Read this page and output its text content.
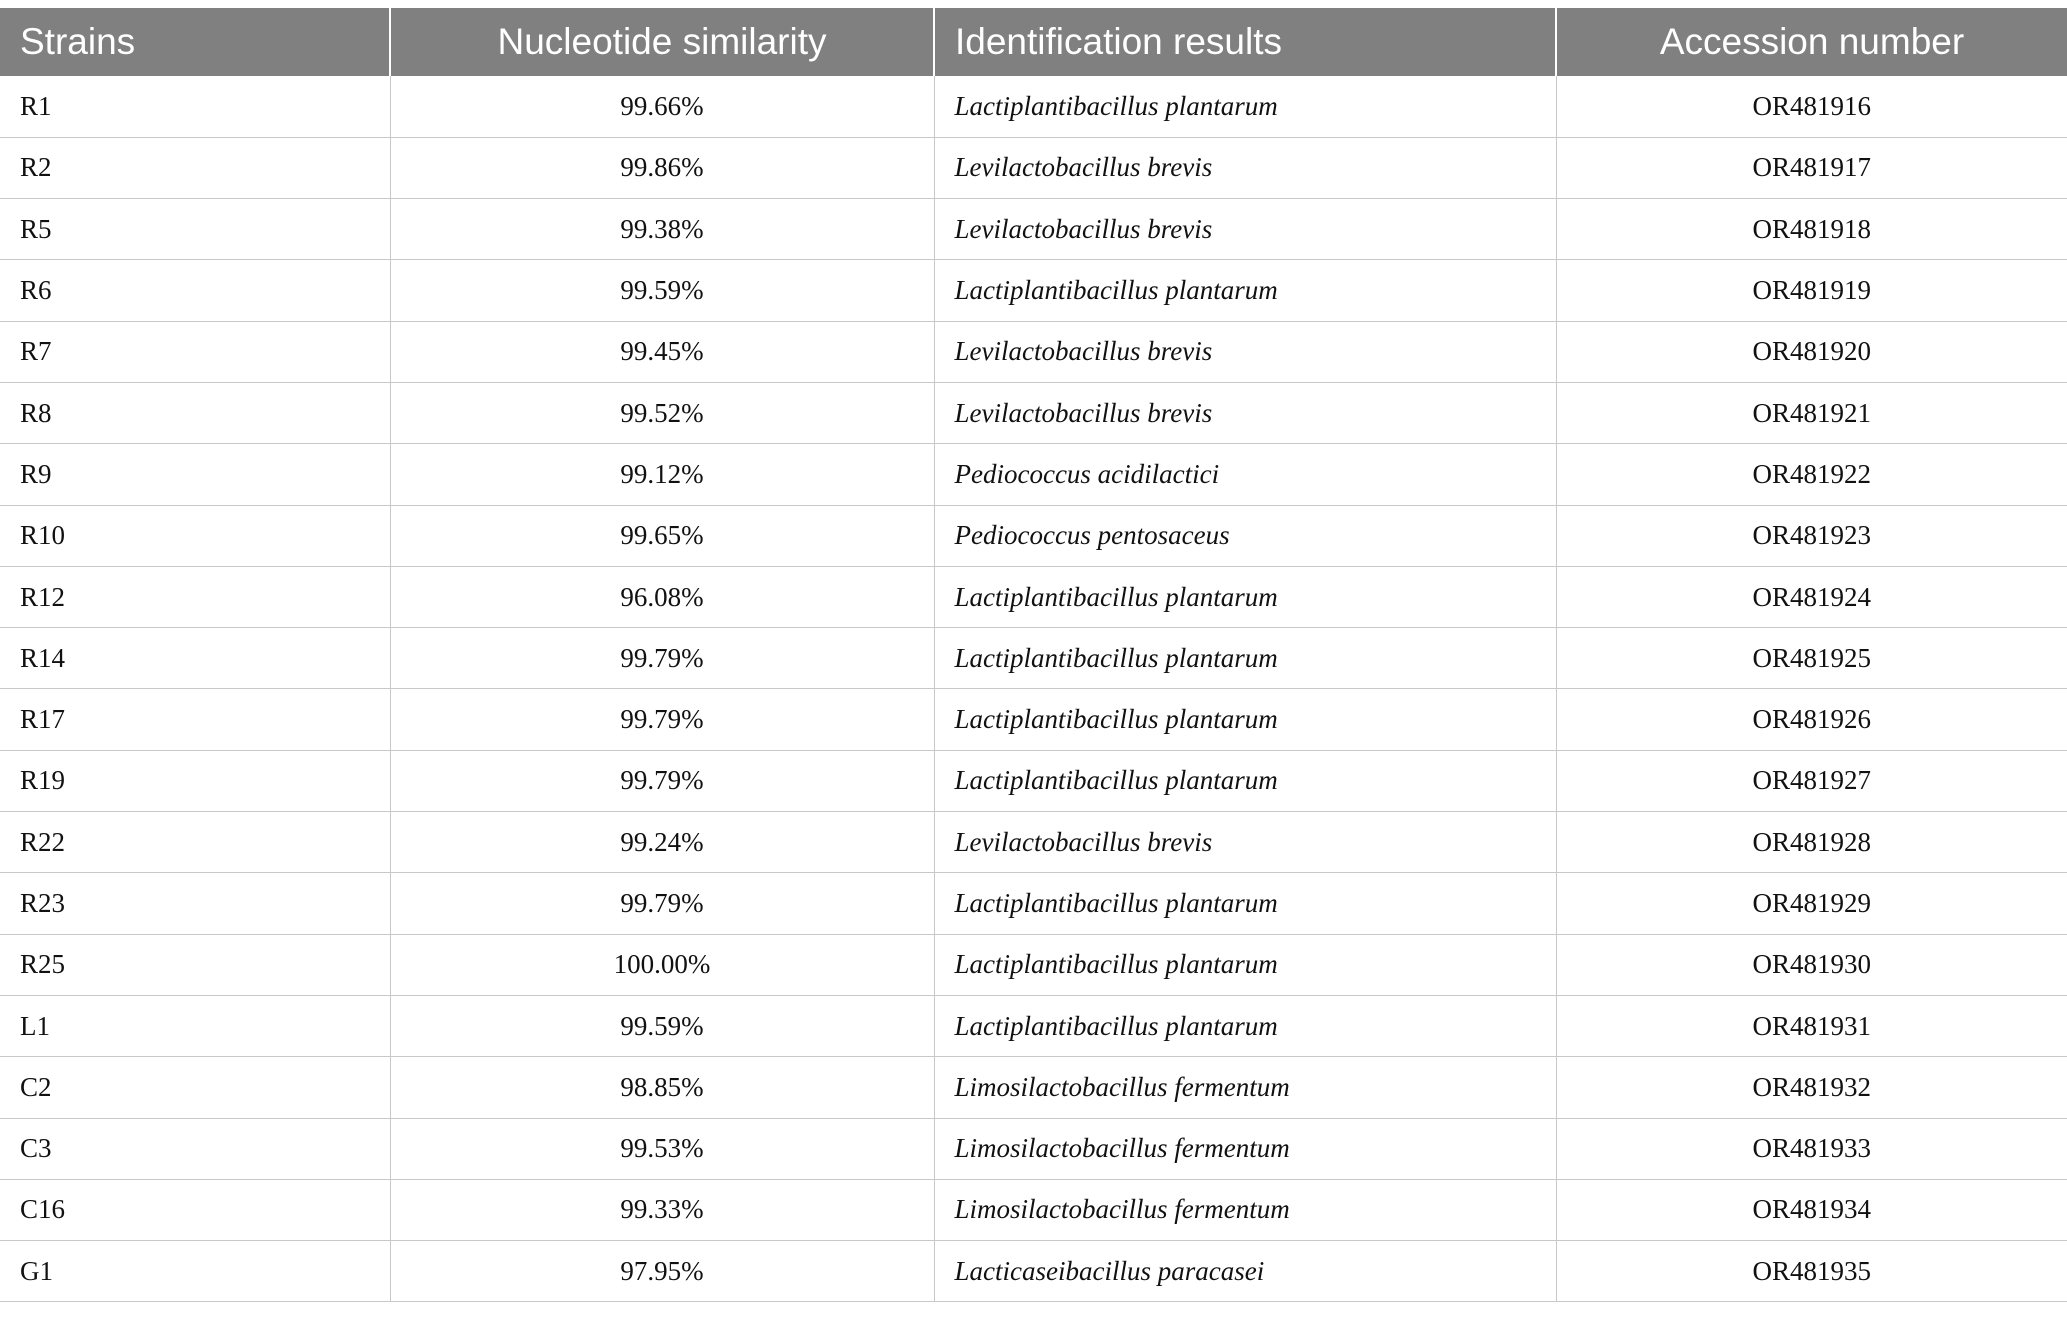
Strains	Nucleotide similarity	Identification results	Accession number
R1	99.66%	Lactiplantibacillus plantarum	OR481916
R2	99.86%	Levilactobacillus brevis	OR481917
R5	99.38%	Levilactobacillus brevis	OR481918
R6	99.59%	Lactiplantibacillus plantarum	OR481919
R7	99.45%	Levilactobacillus brevis	OR481920
R8	99.52%	Levilactobacillus brevis	OR481921
R9	99.12%	Pediococcus acidilactici	OR481922
R10	99.65%	Pediococcus pentosaceus	OR481923
R12	96.08%	Lactiplantibacillus plantarum	OR481924
R14	99.79%	Lactiplantibacillus plantarum	OR481925
R17	99.79%	Lactiplantibacillus plantarum	OR481926
R19	99.79%	Lactiplantibacillus plantarum	OR481927
R22	99.24%	Levilactobacillus brevis	OR481928
R23	99.79%	Lactiplantibacillus plantarum	OR481929
R25	100.00%	Lactiplantibacillus plantarum	OR481930
L1	99.59%	Lactiplantibacillus plantarum	OR481931
C2	98.85%	Limosilactobacillus fermentum	OR481932
C3	99.53%	Limosilactobacillus fermentum	OR481933
C16	99.33%	Limosilactobacillus fermentum	OR481934
G1	97.95%	Lacticaseibacillus paracasei	OR481935
